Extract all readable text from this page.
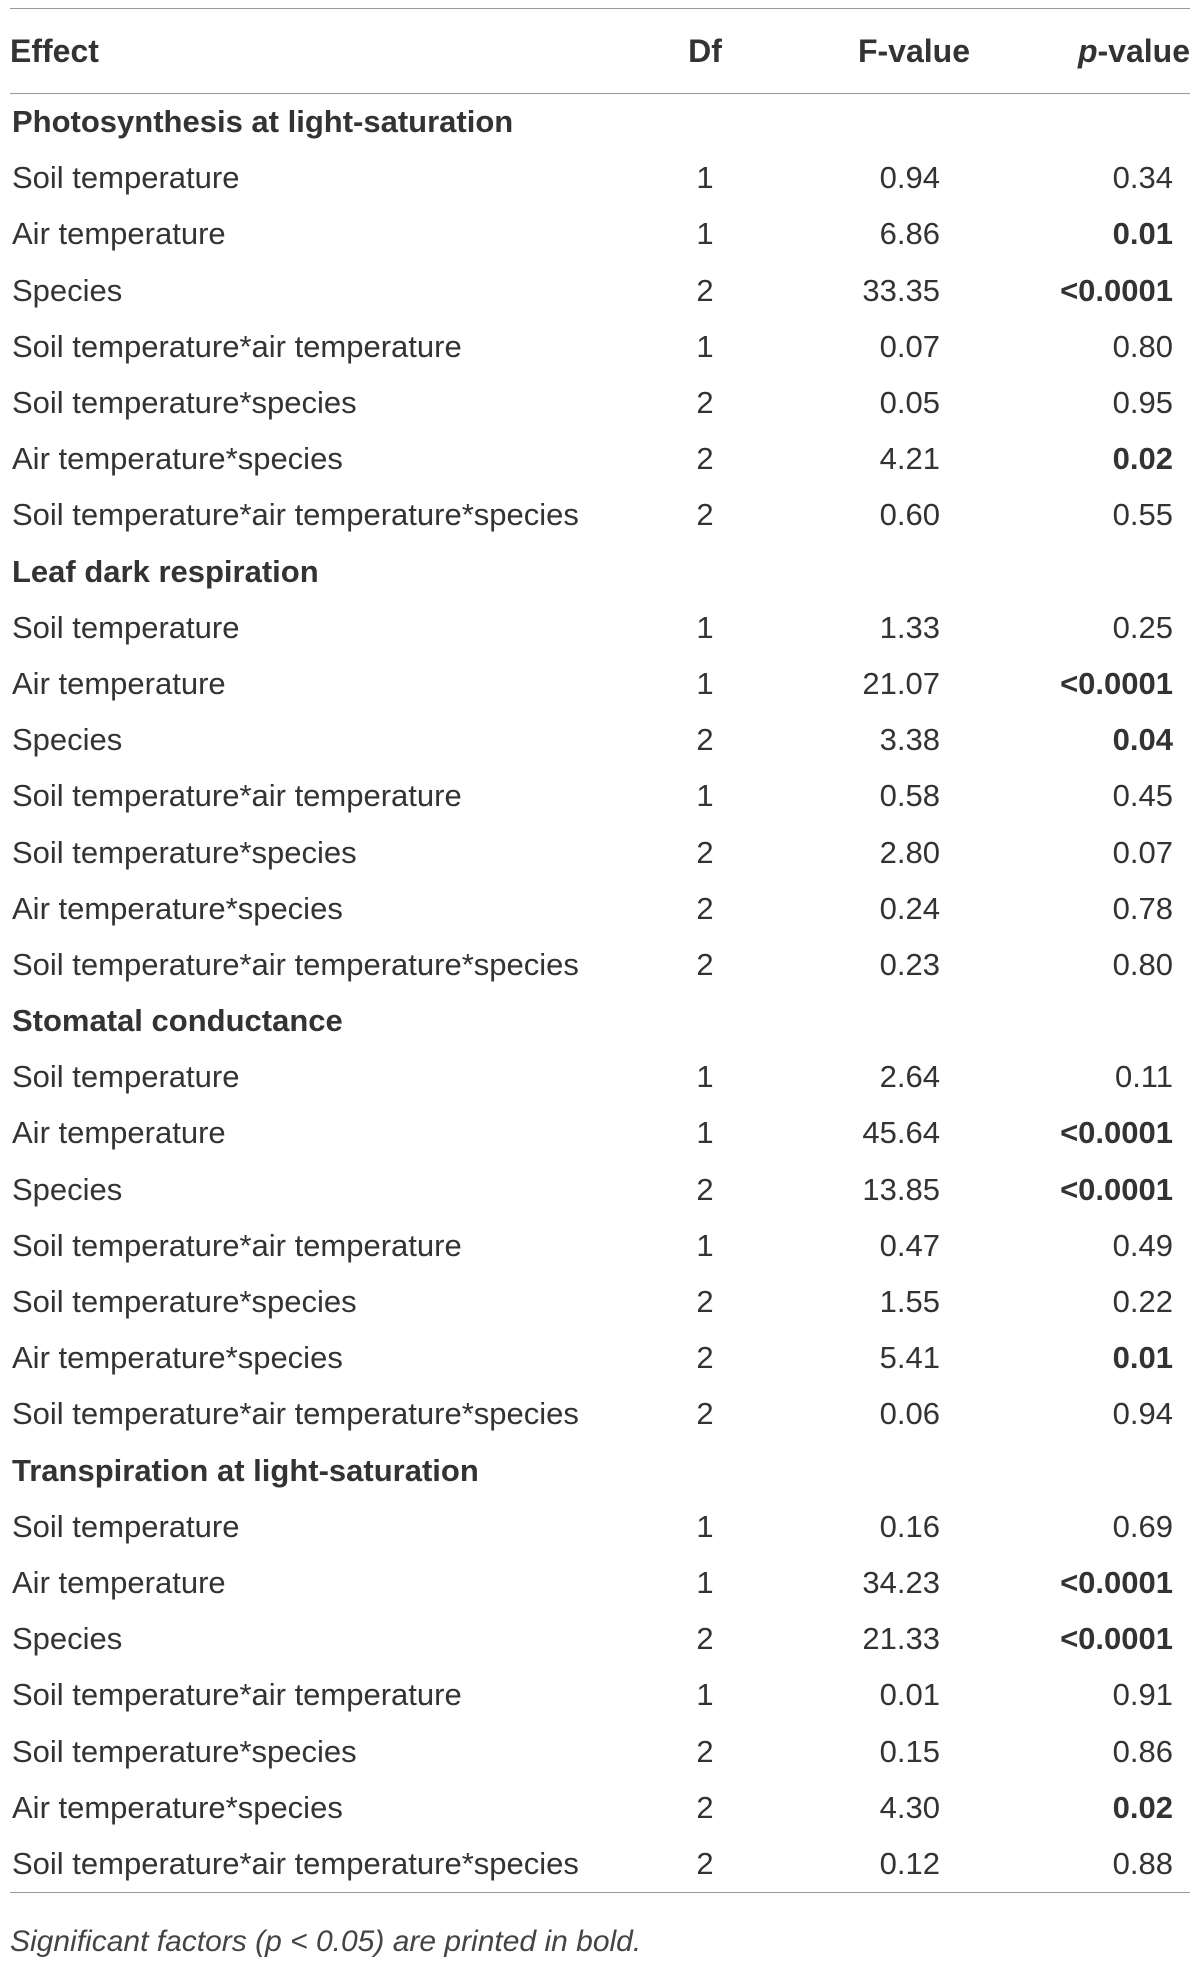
Effect	Df	F-value	p-value
Photosynthesis at light-saturation			
Soil temperature	1	0.94	0.34
Air temperature	1	6.86	0.01
Species	2	33.35	<0.0001
Soil temperature*air temperature	1	0.07	0.80
Soil temperature*species	2	0.05	0.95
Air temperature*species	2	4.21	0.02
Soil temperature*air temperature*species	2	0.60	0.55
Leaf dark respiration			
Soil temperature	1	1.33	0.25
Air temperature	1	21.07	<0.0001
Species	2	3.38	0.04
Soil temperature*air temperature	1	0.58	0.45
Soil temperature*species	2	2.80	0.07
Air temperature*species	2	0.24	0.78
Soil temperature*air temperature*species	2	0.23	0.80
Stomatal conductance			
Soil temperature	1	2.64	0.11
Air temperature	1	45.64	<0.0001
Species	2	13.85	<0.0001
Soil temperature*air temperature	1	0.47	0.49
Soil temperature*species	2	1.55	0.22
Air temperature*species	2	5.41	0.01
Soil temperature*air temperature*species	2	0.06	0.94
Transpiration at light-saturation			
Soil temperature	1	0.16	0.69
Air temperature	1	34.23	<0.0001
Species	2	21.33	<0.0001
Soil temperature*air temperature	1	0.01	0.91
Soil temperature*species	2	0.15	0.86
Air temperature*species	2	4.30	0.02
Soil temperature*air temperature*species	2	0.12	0.88
Significant factors (p < 0.05) are printed in bold.
